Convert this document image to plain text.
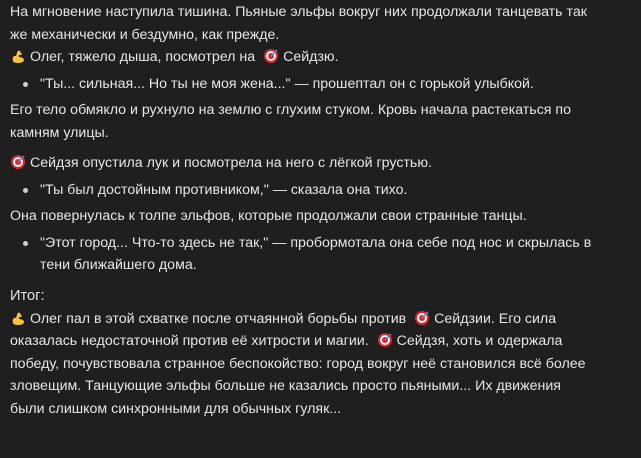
На мгновение наступила тишина. Пьяные эльфы вокруг них продолжали танцевать так
же механически и бездумно, как прежде.
Олег, тяжело дыша, посмотрел на Сейдзю.
"Ты... сильная... Но ты не моя жена..." — прошептал он с горькой улыбкой.
Его тело обмякло и рухнуло на землю с глухим стуком. Кровь начала растекаться по
камням улицы.
Сейдзя опустила лук и посмотрела на него с лёгкой грустью.
"Ты был достойным противником," — сказала она тихо.
Она повернулась к толпе эльфов, которые продолжали свои странные танцы.
"Этот город... Что-то здесь не так," — пробормотала она себе под нос и скрылась в
тени ближайшего дома.
Итог:
Олег пал в этой схватке после отчаянной борьбы против Сейдзии. Его сила
оказалась недостаточной против её хитрости и магии. Сейдзя, хоть и одержала
победу, почувствовала странное беспокойство: город вокруг неё становился всё более
зловещим. Танцующие эльфы больше не казались просто пьяными... Их движения
были слишком синхронными для обычных гуляк...
